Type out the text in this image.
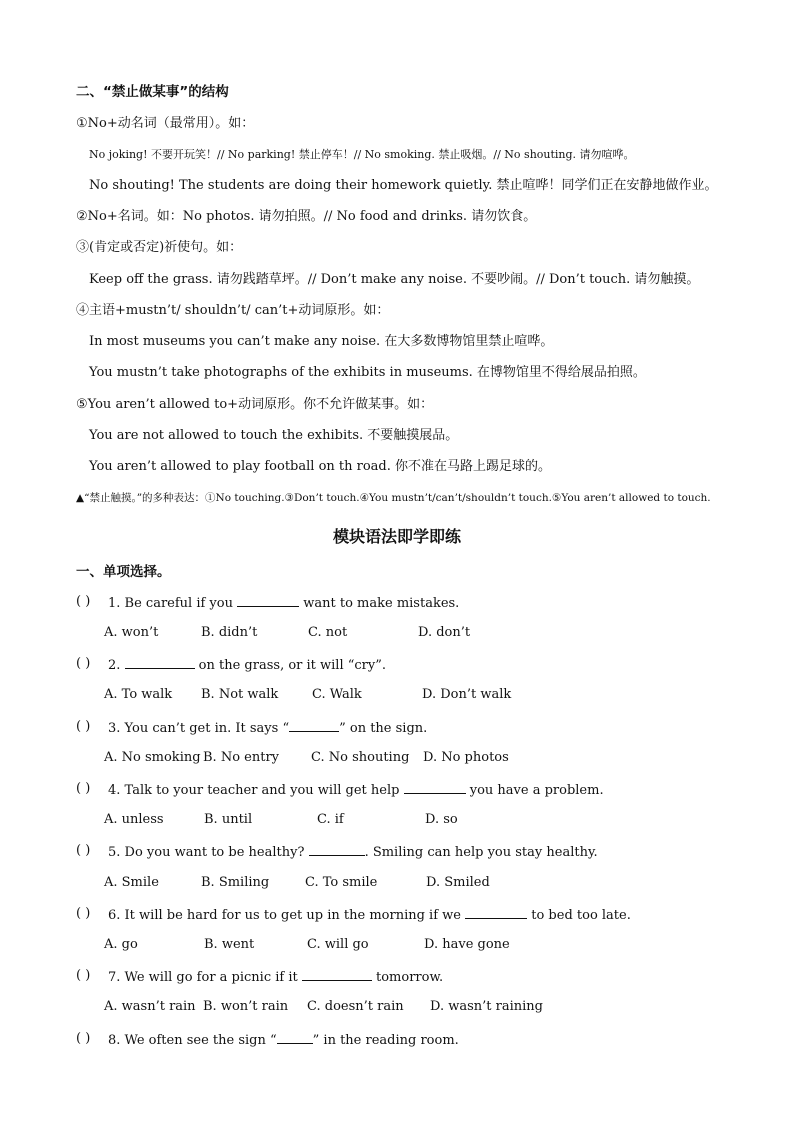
二、“禁止做某事”的结构
①No+动名词（最常用）。如：
No joking! 不要开玩笑！// No parking! 禁止停车！// No smoking. 禁止吸烟。// No shouting. 请勿喧哗。
No shouting! The students are doing their homework quietly. 禁止喧哗！同学们正在安静地做作业。
②No+名词。如：No photos. 请勿拍照。// No food and drinks. 请勿饮食。
③(肯定或否定)祈使句。如：
Keep off the grass. 请勿践踏草坪。// Don’t make any noise. 不要吵闹。// Don’t touch. 请勿触摸。
④主语+mustn’t/ shouldn’t/ can’t+动词原形。如：
In most museums you can’t make any noise. 在大多数博物馆里禁止喧哗。
You mustn’t take photographs of the exhibits in museums. 在博物馆里不得给展品拍照。
⑤You aren’t allowed to+动词原形。你不允许做某事。如：
You are not allowed to touch the exhibits. 不要触摸展品。
You aren’t allowed to play football on th road. 你不准在马路上踢足球的。
▲“禁止触摸。”的多种表达：①No touching.③Don’t touch.④You mustn’t/can’t/shouldn’t touch.⑤You aren’t allowed to touch.
模块语法即学即练
一、单项选择。
( ) 1. Be careful if you	want to make mistakes.
A. won’t	B. didn’t	C. not	D. don’t
( ) 2.	on the grass, or it will “cry”.
A. To walk B. Not walk	C. Walk	D. Don’t walk
( ) 3. You can’t get in. It says “	” on the sign.
A. No smoking B. No entry C. No shouting D. No photos
( ) 4. Talk to your teacher and you will get help	you have a problem.
A. unless	B. until	C. if	D. so
( ) 5. Do you want to be healthy?	. Smiling can help you stay healthy.
A. Smile	B. Smiling	C. To smile	D. Smiled
( ) 6. It will be hard for us to get up in the morning if we	to bed too late.
A. go	B. went	C. will go	D. have gone
( ) 7. We will go for a picnic if it	tomorrow.
A. wasn’t rain B. won’t rain C. doesn’t rain D. wasn’t raining
( ) 8. We often see the sign “	” in the reading room.
